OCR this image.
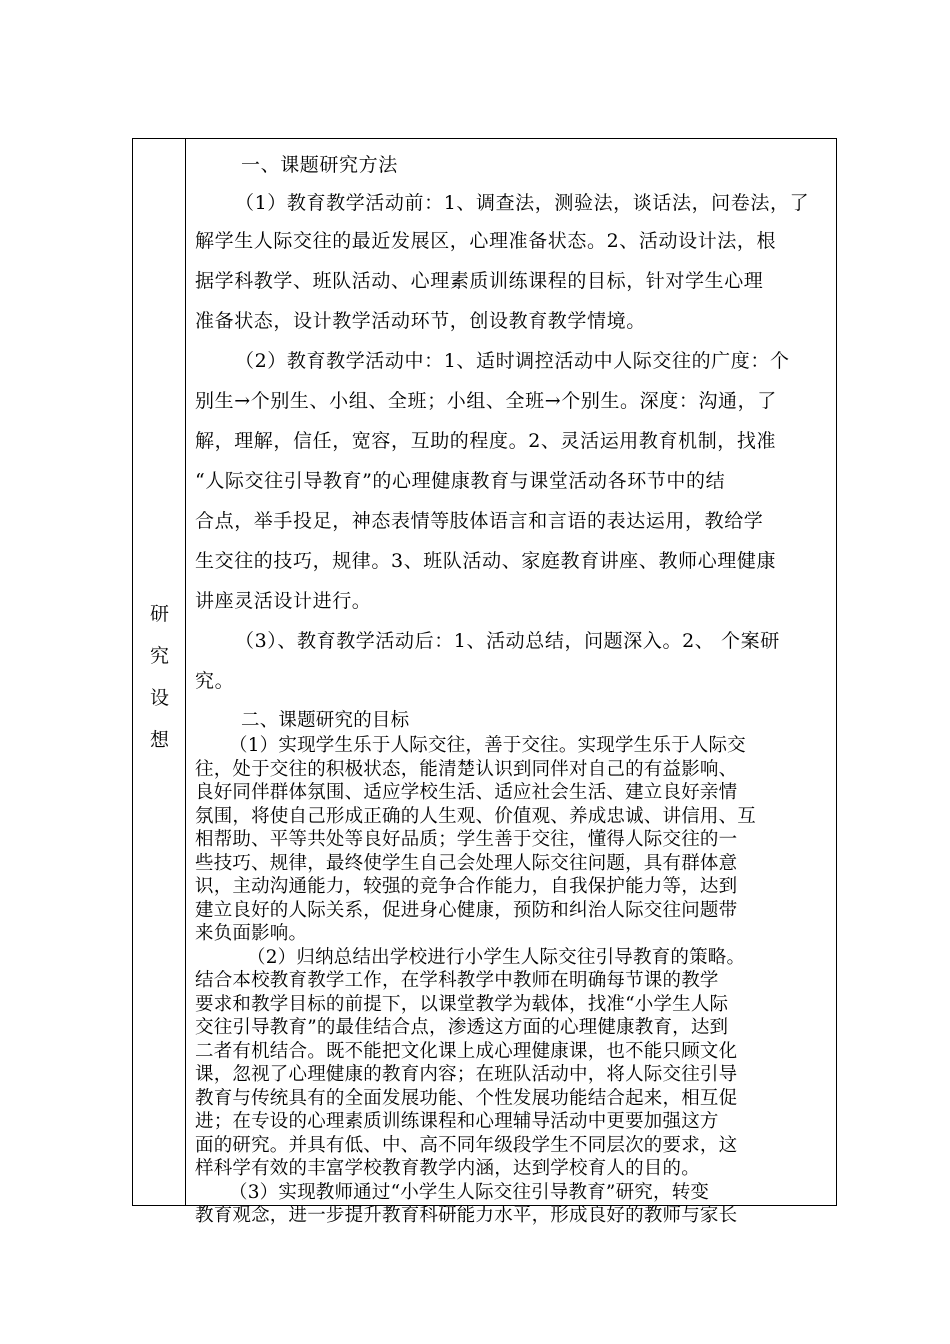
研
究
设
想
一、课题研究方法
（1）教育教学活动前：1、调查法，测验法，谈话法，问卷法，了
解学生人际交往的最近发展区，心理准备状态。2、活动设计法，根
据学科教学、班队活动、心理素质训练课程的目标，针对学生心理
准备状态，设计教学活动环节，创设教育教学情境。
（2）教育教学活动中：1、适时调控活动中人际交往的广度：个
别生→个别生、小组、全班；小组、全班→个别生。深度：沟通，了
解，理解，信任，宽容，互助的程度。2、灵活运用教育机制，找准
“人际交往引导教育”的心理健康教育与课堂活动各环节中的结
合点，举手投足，神态表情等肢体语言和言语的表达运用，教给学
生交往的技巧，规律。3、班队活动、家庭教育讲座、教师心理健康
讲座灵活设计进行。
（3）、教育教学活动后：1、活动总结，问题深入。2、 个案研
究。
二、课题研究的目标
（1）实现学生乐于人际交往，善于交往。实现学生乐于人际交
往，处于交往的积极状态，能清楚认识到同伴对自己的有益影响、
良好同伴群体氛围、适应学校生活、适应社会生活、建立良好亲情
氛围，将使自己形成正确的人生观、价值观、养成忠诚、讲信用、互
相帮助、平等共处等良好品质；学生善于交往，懂得人际交往的一
些技巧、规律，最终使学生自己会处理人际交往问题，具有群体意
识，主动沟通能力，较强的竞争合作能力，自我保护能力等，达到
建立良好的人际关系，促进身心健康，预防和纠治人际交往问题带
来负面影响。
（2）归纳总结出学校进行小学生人际交往引导教育的策略。
结合本校教育教学工作，在学科教学中教师在明确每节课的教学
要求和教学目标的前提下，以课堂教学为载体，找准“小学生人际
交往引导教育”的最佳结合点，渗透这方面的心理健康教育，达到
二者有机结合。既不能把文化课上成心理健康课，也不能只顾文化
课，忽视了心理健康的教育内容；在班队活动中，将人际交往引导
教育与传统具有的全面发展功能、个性发展功能结合起来，相互促
进；在专设的心理素质训练课程和心理辅导活动中更要加强这方
面的研究。并具有低、中、高不同年级段学生不同层次的要求，这
样科学有效的丰富学校教育教学内涵，达到学校育人的目的。
（3）实现教师通过“小学生人际交往引导教育”研究，转变
教育观念，进一步提升教育科研能力水平，形成良好的教师与家长
